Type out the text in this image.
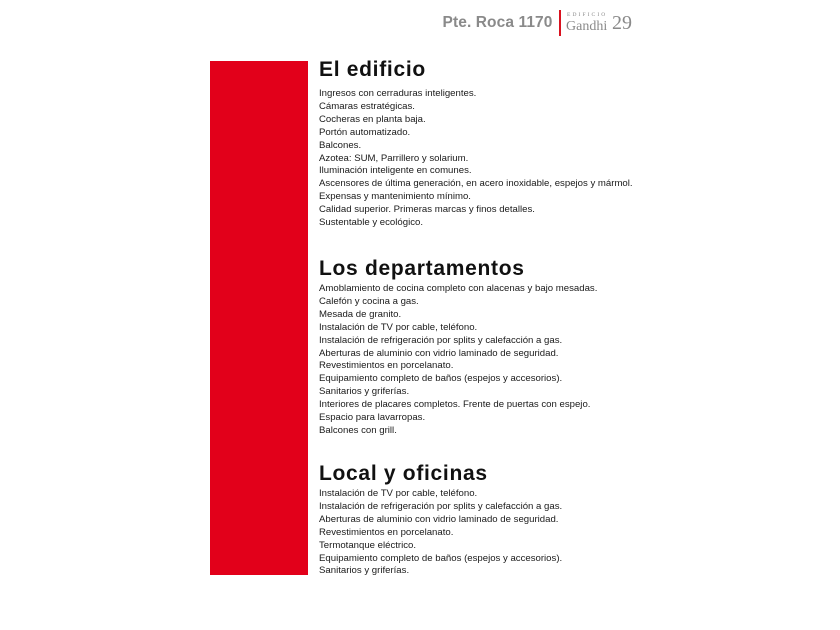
Pte. Roca 1170	EDIFICIO
Gandhi 29
El edificio
Ingresos con cerraduras inteligentes.
Cámaras estratégicas.
Cocheras en planta baja.
Portón automatizado.
Balcones.
Azotea: SUM, Parrillero y solarium.
Iluminación inteligente en comunes.
Ascensores de última generación, en acero inoxidable, espejos y mármol.
Expensas y mantenimiento mínimo.
Calidad superior. Primeras marcas y finos detalles.
Sustentable y ecológico.
Los departamentos
Amoblamiento de cocina completo con alacenas y bajo mesadas.
Calefón y cocina a gas.
Mesada de granito.
Instalación de TV por cable, teléfono.
Instalación de refrigeración por splits y calefacción a gas.
Aberturas de aluminio con vidrio laminado de seguridad.
Revestimientos en porcelanato.
Equipamiento completo de baños (espejos y accesorios).
Sanitarios y griferías.
Interiores de placares completos. Frente de puertas con espejo.
Espacio para lavarropas.
Balcones con grill.
Local y oficinas
Instalación de TV por cable, teléfono.
Instalación de refrigeración por splits y calefacción a gas.
Aberturas de aluminio con vidrio laminado de seguridad.
Revestimientos en porcelanato.
Termotanque eléctrico.
Equipamiento completo de baños (espejos y accesorios).
Sanitarios y griferías.
